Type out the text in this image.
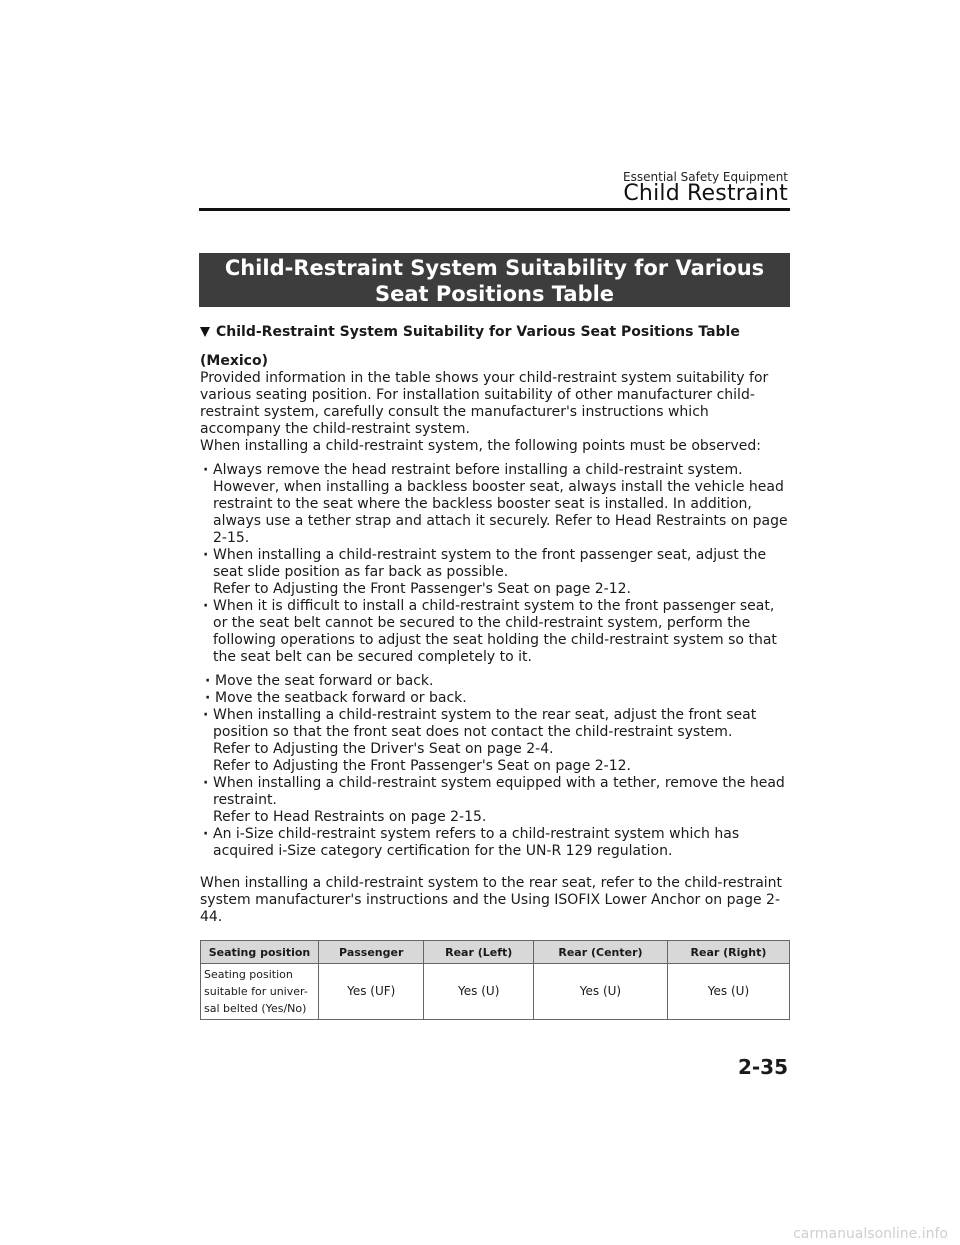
Essential Safety Equipment
Child Restraint
Child-Restraint System Suitability for Various Seat Positions Table

Child-Restraint System Suitability for Various Seat Positions Table

(Mexico)

Provided information in the table shows your child-restraint system suitability for various seating position. For installation suitability of other manufacturer child-restraint system, carefully consult the manufacturer's instructions which accompany the child-restraint system.

When installing a child-restraint system, the following points must be observed:

· Always remove the head restraint before installing a child-restraint system. However, when installing a backless booster seat, always install the vehicle head restraint to the seat where the backless booster seat is installed. In addition, always use a tether strap and attach it securely. Refer to Head Restraints on page 2-15.
· When installing a child-restraint system to the front passenger seat, adjust the seat slide position as far back as possible.
Refer to Adjusting the Front Passenger's Seat on page 2-12.
· When it is difficult to install a child-restraint system to the front passenger seat, or the seat belt cannot be secured to the child-restraint system, perform the following operations to adjust the seat holding the child-restraint system so that the seat belt can be secured completely to it.
· Move the seat forward or back.
· Move the seatback forward or back.
· When installing a child-restraint system to the rear seat, adjust the front seat position so that the front seat does not contact the child-restraint system.
Refer to Adjusting the Driver's Seat on page 2-4.
Refer to Adjusting the Front Passenger's Seat on page 2-12.
· When installing a child-restraint system equipped with a tether, remove the head restraint.
Refer to Head Restraints on page 2-15.
· An i-Size child-restraint system refers to a child-restraint system which has acquired i-Size category certification for the UN-R 129 regulation.

When installing a child-restraint system to the rear seat, refer to the child-restraint system manufacturer's instructions and the Using ISOFIX Lower Anchor on page 2-44.

Seating position	Passenger	Rear (Left)	Rear (Center)	Rear (Right)
Seating position suitable for univer-sal belted (Yes/No)	Yes (UF)	Yes (U)	Yes (U)	Yes (U)
2-35
carmanualsonline.info
